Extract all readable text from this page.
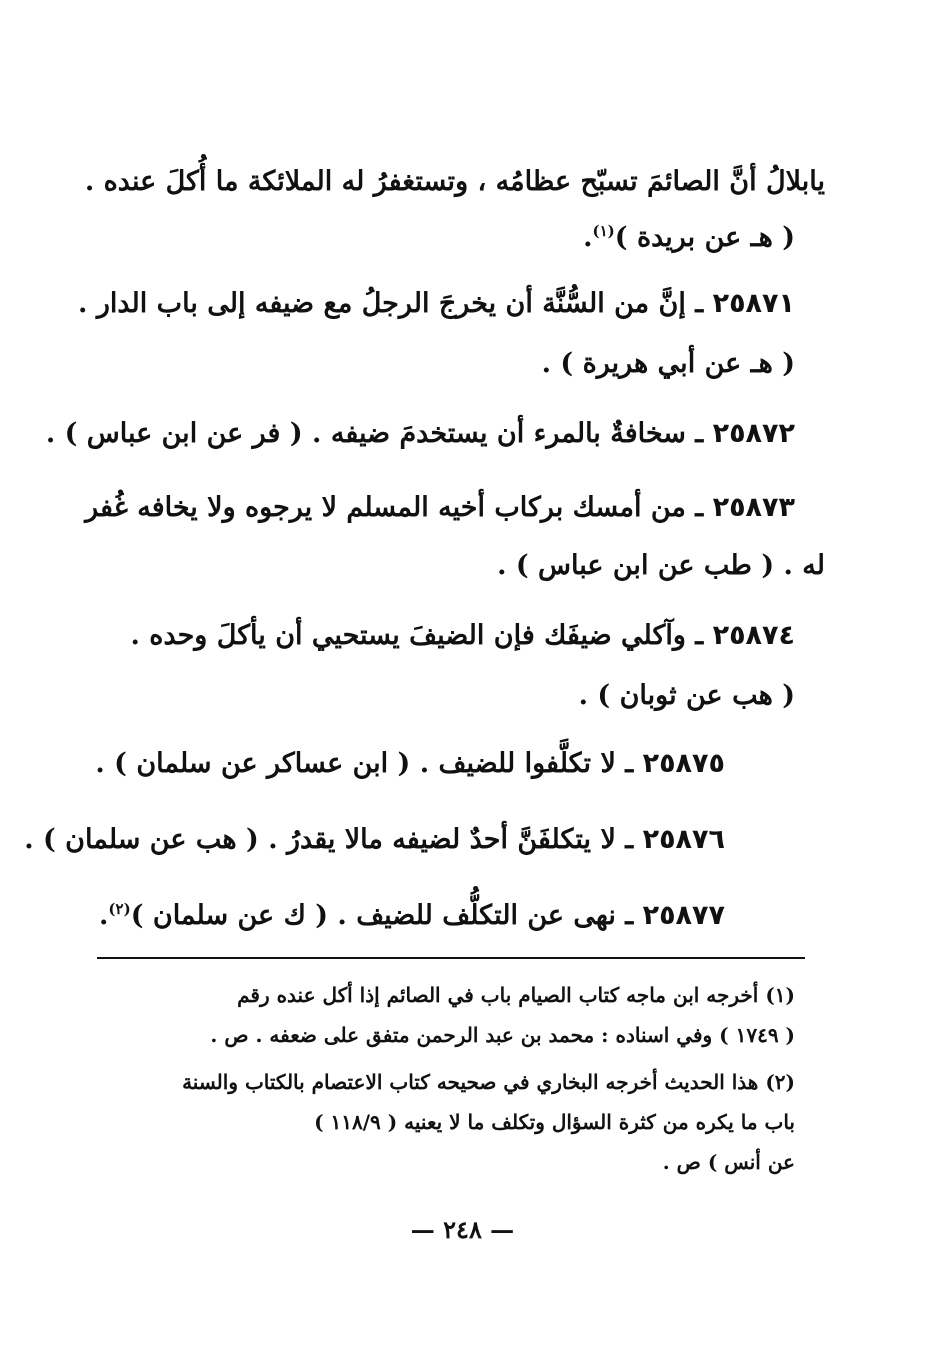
يابلالُ أنَّ الصائمَ تسبّح عظامُه ، وتستغفرُ له الملائكة ما أُكلَ عنده .
( هـ عن بريدة )$^{(١)}$.
٢٥٨٧١ ـ إنَّ من السُّنَّة أن يخرجَ الرجلُ مع ضيفه إلى باب الدار .
( هـ عن أبي هريرة ) .
٢٥٨٧٢ ـ سخافةٌ بالمرء أن يستخدمَ ضيفه . ( فر عن ابن عباس ) .
٢٥٨٧٣ ـ من أمسك بركاب أخيه المسلم لا يرجوه ولا يخافه غُفر
له . ( طب عن ابن عباس ) .
٢٥٨٧٤ ـ وآكلي ضيفَك فإن الضيفَ يستحيي أن يأكلَ وحده .
( هب عن ثوبان ) .
٢٥٨٧٥ ـ لا تكلَّفوا للضيف . ( ابن عساكر عن سلمان ) .
٢٥٨٧٦ ـ لا يتكلفَنَّ أحدٌ لضيفه مالا يقدرُ . ( هب عن سلمان ) .
٢٥٨٧٧ ـ نهى عن التكلُّف للضيف . ( ك عن سلمان )$^{(٢)}$.
(١) أخرجه ابن ماجه كتاب الصيام باب في الصائم إذا أكل عنده رقم
( ١٧٤٩ ) وفي اسناده : محمد بن عبد الرحمن متفق على ضعفه . ص .
(٢) هذا الحديث أخرجه البخاري في صحيحه كتاب الاعتصام بالكتاب والسنة
باب ما يكره من كثرة السؤال وتكلف ما لا يعنيه ( ١١٨/٩ )
عن أنس ) ص .
— ٢٤٨ —
